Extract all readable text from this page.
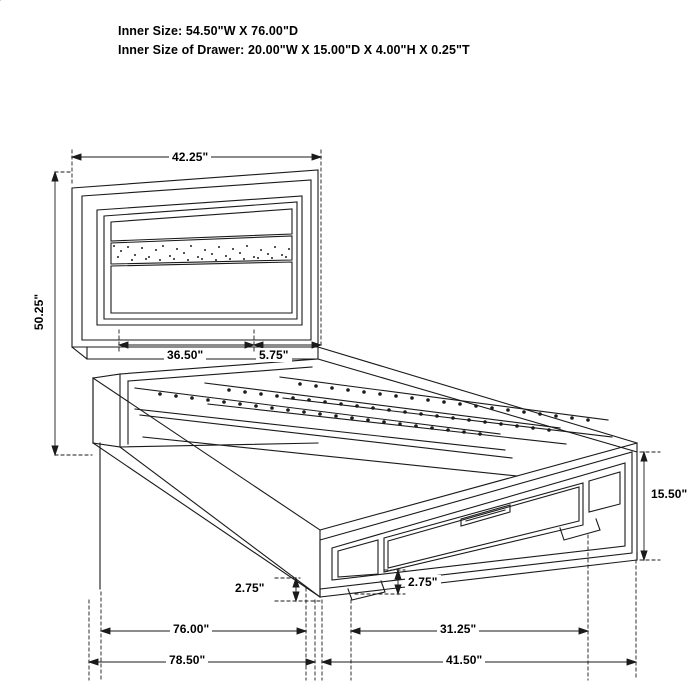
Inner Size: 54.50"W X 76.00"D
Inner Size of Drawer: 20.00"W X 15.00"D X 4.00"H X 0.25"T
42.25"
50.25"
36.50"	5.75"
15.50"
2.75"	2.75"
76.00"	31.25"
78.50"	41.50"
